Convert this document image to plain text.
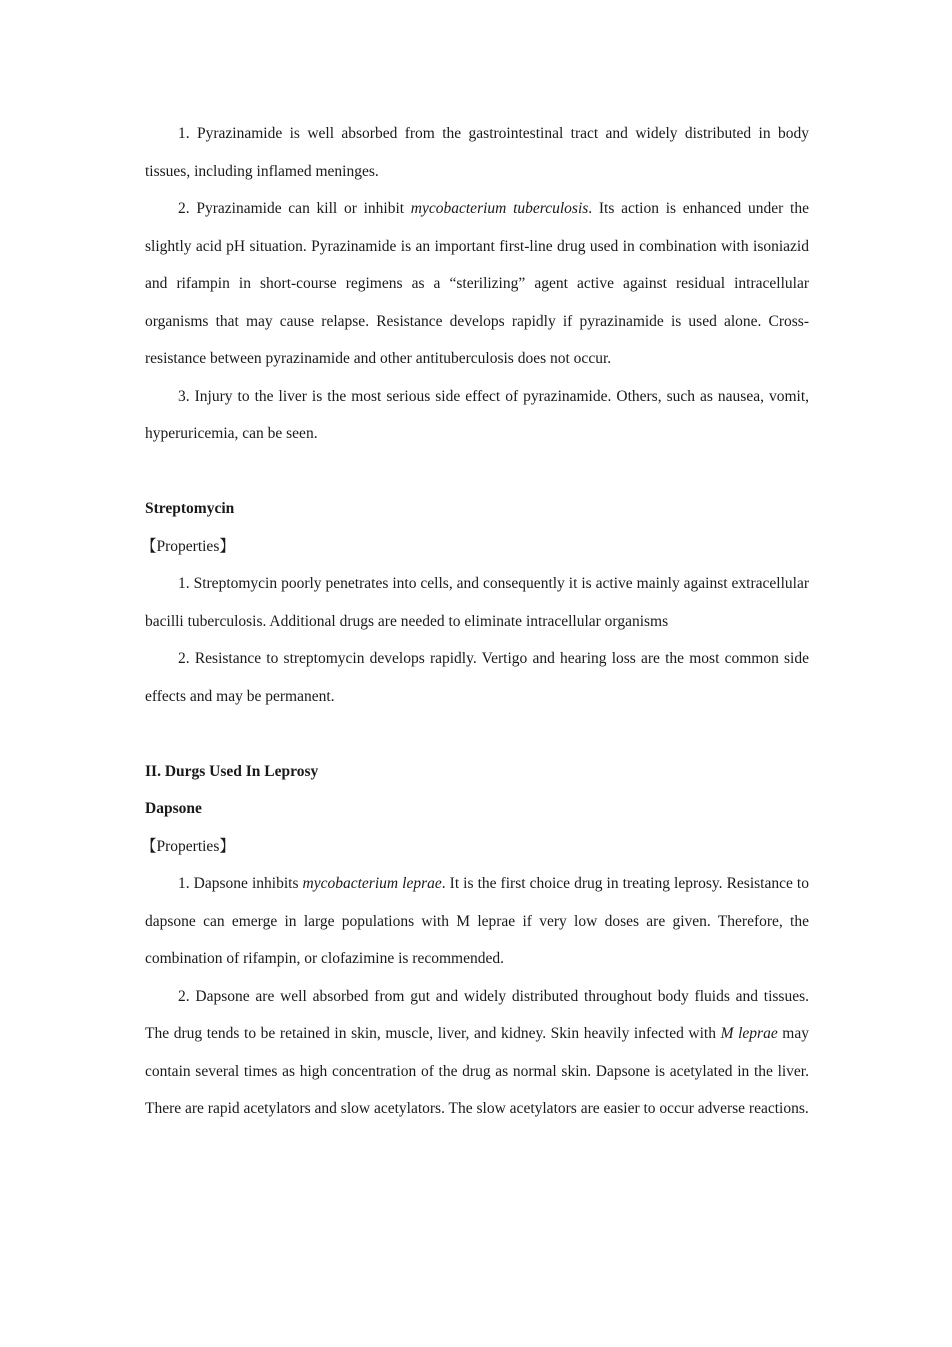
1. Pyrazinamide is well absorbed from the gastrointestinal tract and widely distributed in body tissues, including inflamed meninges.

2. Pyrazinamide can kill or inhibit mycobacterium tuberculosis. Its action is enhanced under the slightly acid pH situation. Pyrazinamide is an important first-line drug used in combination with isoniazid and rifampin in short-course regimens as a “sterilizing” agent active against residual intracellular organisms that may cause relapse. Resistance develops rapidly if pyrazinamide is used alone. Cross-resistance between pyrazinamide and other antituberculosis does not occur.

3. Injury to the liver is the most serious side effect of pyrazinamide. Others, such as nausea, vomit, hyperuricemia, can be seen.

Streptomycin

【Properties】

1. Streptomycin poorly penetrates into cells, and consequently it is active mainly against extracellular bacilli tuberculosis. Additional drugs are needed to eliminate intracellular organisms

2. Resistance to streptomycin develops rapidly. Vertigo and hearing loss are the most common side effects and may be permanent.

II. Durgs Used In Leprosy

Dapsone

【Properties】

1. Dapsone inhibits mycobacterium leprae. It is the first choice drug in treating leprosy. Resistance to dapsone can emerge in large populations with M leprae if very low doses are given. Therefore, the combination of rifampin, or clofazimine is recommended.

2. Dapsone are well absorbed from gut and widely distributed throughout body fluids and tissues. The drug tends to be retained in skin, muscle, liver, and kidney. Skin heavily infected with M leprae may contain several times as high concentration of the drug as normal skin. Dapsone is acetylated in the liver. There are rapid acetylators and slow acetylators. The slow acetylators are easier to occur adverse reactions.
